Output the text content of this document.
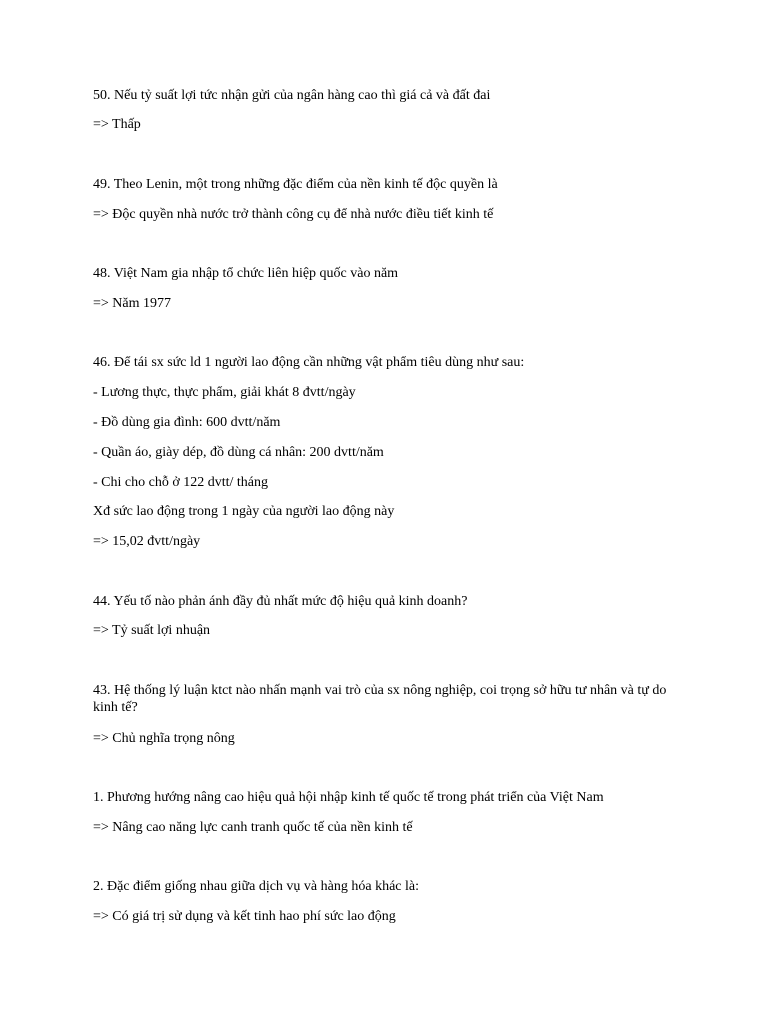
50. Nếu tỷ suất lợi tức nhận gửi của ngân hàng cao thì giá cả và đất đai
=> Thấp
49. Theo Lenin, một trong những đặc điểm của nền kinh tế độc quyền là
=> Độc quyền nhà nước trở thành công cụ để nhà nước điều tiết kinh tế
48. Việt Nam gia nhập tổ chức liên hiệp quốc vào năm
=> Năm 1977
46. Để tái sx sức ld 1 người lao động cần những vật phẩm tiêu dùng như sau:
- Lương thực, thực phẩm, giải khát 8 đvtt/ngày
- Đồ dùng gia đình: 600 dvtt/năm
- Quần áo, giày dép, đồ dùng cá nhân: 200 dvtt/năm
- Chi cho chỗ ở 122 dvtt/ tháng
Xđ sức lao động trong 1 ngày của người lao động này
=> 15,02 đvtt/ngày
44. Yếu tố nào phản ánh đầy đủ nhất mức độ hiệu quả kinh doanh?
=> Tỷ suất lợi nhuận
43. Hệ thống lý luận ktct nào nhấn mạnh vai trò của sx nông nghiệp, coi trọng sở hữu tư nhân và tự do kinh tế?
=> Chủ nghĩa trọng nông
1. Phương hướng nâng cao hiệu quả hội nhập kinh tế quốc tế trong phát triển của Việt Nam
=> Nâng cao năng lực canh tranh quốc tế của nền kinh tế
2. Đặc điểm giống nhau giữa dịch vụ và hàng hóa khác là:
=> Có giá trị sử dụng và kết tinh hao phí sức lao động
